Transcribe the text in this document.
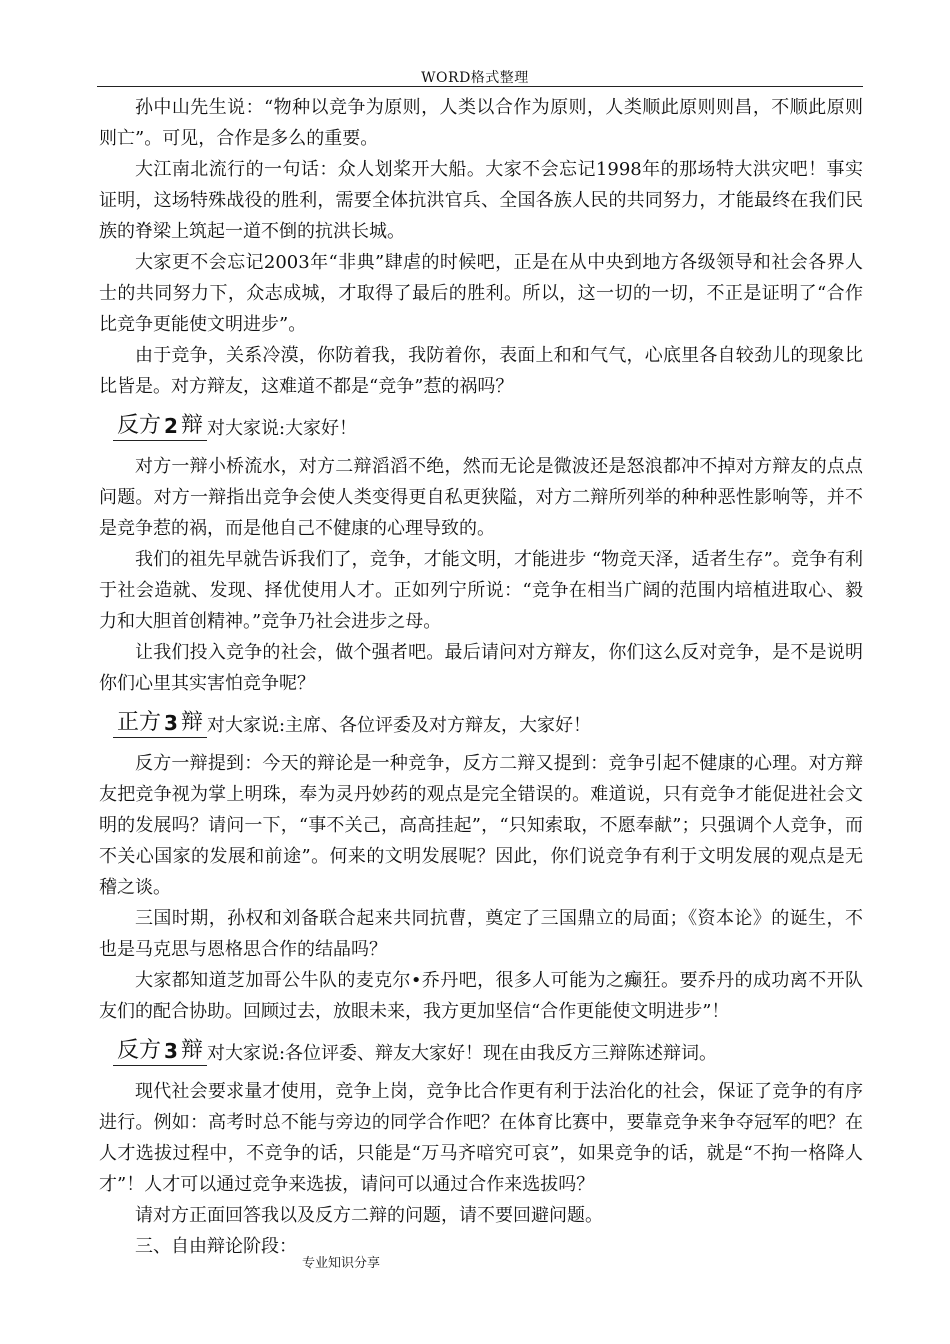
WORD格式整理

孙中山先生说：“物种以竞争为原则，人类以合作为原则，人类顺此原则则昌，不顺此原则则亡”。可见，合作是多么的重要。

大江南北流行的一句话：众人划桨开大船。大家不会忘记1998年的那场特大洪灾吧！事实证明，这场特殊战役的胜利，需要全体抗洪官兵、全国各族人民的共同努力，才能最终在我们民族的脊梁上筑起一道不倒的抗洪长城。

大家更不会忘记2003年“非典”肆虐的时候吧，正是在从中央到地方各级领导和社会各界人士的共同努力下，众志成城，才取得了最后的胜利。所以，这一切的一切，不正是证明了“合作比竞争更能使文明进步”。

由于竞争，关系冷漠，你防着我，我防着你，表面上和和气气，心底里各自较劲儿的现象比比皆是。对方辩友，这难道不都是“竞争”惹的祸吗？

反方 2 辩 对大家说:大家好！

对方一辩小桥流水，对方二辩滔滔不绝，然而无论是微波还是怒浪都冲不掉对方辩友的点点问题。对方一辩指出竞争会使人类变得更自私更狭隘，对方二辩所列举的种种恶性影响等，并不是竞争惹的祸，而是他自己不健康的心理导致的。

我们的祖先早就告诉我们了，竞争，才能文明，才能进步 “物竞天泽，适者生存”。竞争有利于社会造就、发现、择优使用人才。正如列宁所说：“竞争在相当广阔的范围内培植进取心、毅力和大胆首创精神。”竞争乃社会进步之母。

让我们投入竞争的社会，做个强者吧。最后请问对方辩友，你们这么反对竞争，是不是说明你们心里其实害怕竞争呢？

正方 3 辩 对大家说:主席、各位评委及对方辩友，大家好！

反方一辩提到：今天的辩论是一种竞争，反方二辩又提到：竞争引起不健康的心理。对方辩友把竞争视为掌上明珠，奉为灵丹妙药的观点是完全错误的。难道说，只有竞争才能促进社会文明的发展吗？请问一下，“事不关己，高高挂起”，“只知索取，不愿奉献”；只强调个人竞争，而不关心国家的发展和前途”。何来的文明发展呢？因此，你们说竞争有利于文明发展的观点是无稽之谈。

三国时期，孙权和刘备联合起来共同抗曹，奠定了三国鼎立的局面；《资本论》的诞生，不也是马克思与恩格思合作的结晶吗？

大家都知道芝加哥公牛队的麦克尔•乔丹吧，很多人可能为之癫狂。要乔丹的成功离不开队友们的配合协助。回顾过去，放眼未来，我方更加坚信“合作更能使文明进步”！

反方 3 辩 对大家说:各位评委、辩友大家好！现在由我反方三辩陈述辩词。

现代社会要求量才使用，竞争上岗，竞争比合作更有利于法治化的社会，保证了竞争的有序进行。例如：高考时总不能与旁边的同学合作吧？在体育比赛中，要靠竞争来争夺冠军的吧？在人才选拔过程中，不竞争的话，只能是“万马齐喑究可哀”，如果竞争的话，就是“不拘一格降人才”！人才可以通过竞争来选拔，请问可以通过合作来选拔吗？

请对方正面回答我以及反方二辩的问题，请不要回避问题。

三、自由辩论阶段：

专业知识分享
